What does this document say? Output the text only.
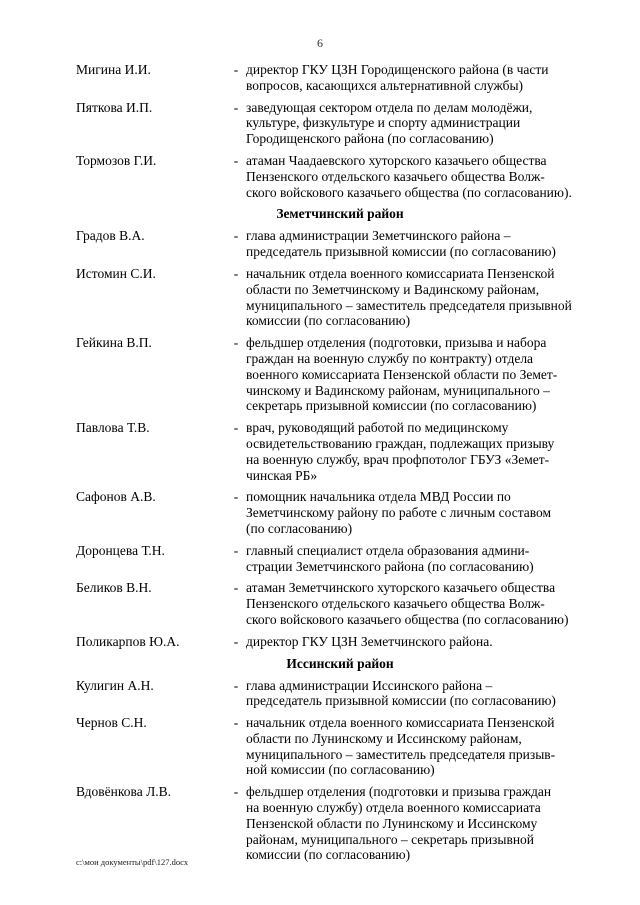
6
Мигина И.И.	- директор ГКУ ЦЗН Городищенского района (в части
вопросов, касающихся альтернативной службы)
Пяткова И.П.	- заведующая сектором отдела по делам молодёжи,
культуре, физкультуре и спорту администрации
Городищенского района (по согласованию)
Тормозов Г.И.	- атаман Чаадаевского хуторского казачьего общества
Пензенского отдельского казачьего общества Волж-
ского войскового казачьего общества (по согласованию).
Земетчинский район
Градов В.А.	- глава администрации Земетчинского района –
председатель призывной комиссии (по согласованию)
Истомин С.И.	- начальник отдела военного комиссариата Пензенской
области по Земетчинскому и Вадинскому районам,
муниципального – заместитель председателя призывной
комиссии (по согласованию)
Гейкина В.П.	- фельдшер отделения (подготовки, призыва и набора
граждан на военную службу по контракту) отдела
военного комиссариата Пензенской области по Земет-
чинскому и Вадинскому районам, муниципального –
секретарь призывной комиссии (по согласованию)
Павлова Т.В.	- врач, руководящий работой по медицинскому
освидетельствованию граждан, подлежащих призыву
на военную службу, врач профпотолог ГБУЗ «Земет-
чинская РБ»
Сафонов А.В.	- помощник начальника отдела МВД России по
Земетчинскому району по работе с личным составом
(по согласованию)
Доронцева Т.Н.	- главный специалист отдела образования админи-
страции Земетчинского района (по согласованию)
Беликов В.Н.	- атаман Земетчинского хуторского казачьего общества
Пензенского отдельского казачьего общества Волж-
ского войскового казачьего общества (по согласованию)
Поликарпов Ю.А.	- директор ГКУ ЦЗН Земетчинского района.
Иссинский район
Кулигин А.Н.	- глава администрации Иссинского района –
председатель призывной комиссии (по согласованию)
Чернов С.Н.	- начальник отдела военного комиссариата Пензенской
области по Лунинскому и Иссинскому районам,
муниципального – заместитель председателя призыв-
ной комиссии (по согласованию)
Вдовёнкова Л.В.	- фельдшер отделения (подготовки и призыва граждан
на военную службу) отдела военного комиссариата
Пензенской области по Лунинскому и Иссинскому
районам, муниципального – секретарь призывной
комиссии (по согласованию)
c:\мои документы\pdf\127.docx
